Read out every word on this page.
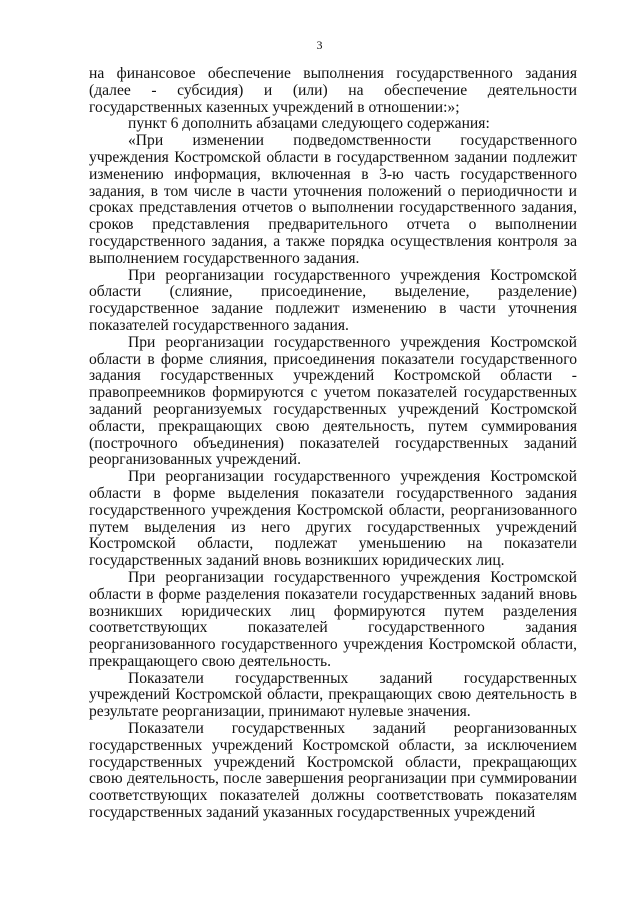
3

на финансовое обеспечение выполнения государственного задания (далее - субсидия) и (или) на обеспечение деятельности государственных казенных учреждений в отношении:»;

пункт 6 дополнить абзацами следующего содержания:

«При изменении подведомственности государственного учреждения Костромской области в государственном задании подлежит изменению информация, включенная в 3-ю часть государственного задания, в том числе в части уточнения положений о периодичности и сроках представления отчетов о выполнении государственного задания, сроков представления предварительного отчета о выполнении государственного задания, а также порядка осуществления контроля за выполнением государственного задания.

При реорганизации государственного учреждения Костромской области (слияние, присоединение, выделение, разделение) государственное задание подлежит изменению в части уточнения показателей государственного задания.

При реорганизации государственного учреждения Костромской области в форме слияния, присоединения показатели государственного задания государственных учреждений Костромской области - правопреемников формируются с учетом показателей государственных заданий реорганизуемых государственных учреждений Костромской области, прекращающих свою деятельность, путем суммирования (построчного объединения) показателей государственных заданий реорганизованных учреждений.

При реорганизации государственного учреждения Костромской области в форме выделения показатели государственного задания государственного учреждения Костромской области, реорганизованного путем выделения из него других государственных учреждений Костромской области, подлежат уменьшению на показатели государственных заданий вновь возникших юридических лиц.

При реорганизации государственного учреждения Костромской области в форме разделения показатели государственных заданий вновь возникших юридических лиц формируются путем разделения соответствующих показателей государственного задания реорганизованного государственного учреждения Костромской области, прекращающего свою деятельность.

Показатели государственных заданий государственных учреждений Костромской области, прекращающих свою деятельность в результате реорганизации, принимают нулевые значения.

Показатели государственных заданий реорганизованных государственных учреждений Костромской области, за исключением государственных учреждений Костромской области, прекращающих свою деятельность, после завершения реорганизации при суммировании соответствующих показателей должны соответствовать показателям государственных заданий указанных государственных учреждений
